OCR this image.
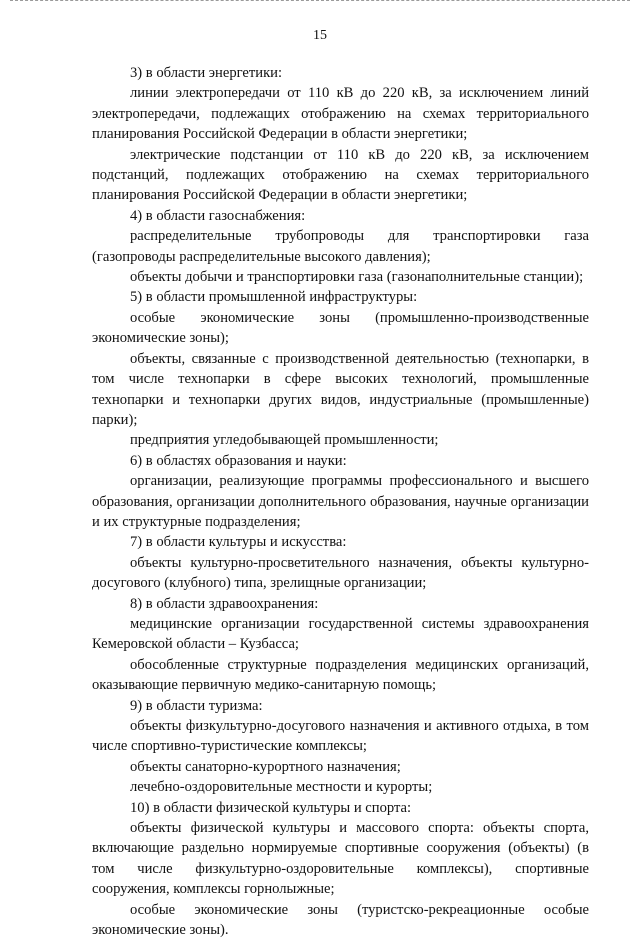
15

3) в области энергетики:

линии электропередачи от 110 кВ до 220 кВ, за исключением линий электропередачи, подлежащих отображению на схемах территориального планирования Российской Федерации в области энергетики;

электрические подстанции от 110 кВ до 220 кВ, за исключением подстанций, подлежащих отображению на схемах территориального планирования Российской Федерации в области энергетики;

4) в области газоснабжения:

распределительные трубопроводы для транспортировки газа (газопроводы распределительные высокого давления);

объекты добычи и транспортировки газа (газонаполнительные станции);

5) в области промышленной инфраструктуры:

особые экономические зоны (промышленно-производственные экономические зоны);

объекты, связанные с производственной деятельностью (технопарки, в том числе технопарки в сфере высоких технологий, промышленные технопарки и технопарки других видов, индустриальные (промышленные) парки);

предприятия угледобывающей промышленности;

6) в областях образования и науки:

организации, реализующие программы профессионального и высшего образования, организации дополнительного образования, научные организации и их структурные подразделения;

7) в области культуры и искусства:

объекты культурно-просветительного назначения, объекты культурно-досугового (клубного) типа, зрелищные организации;

8) в области здравоохранения:

медицинские организации государственной системы здравоохранения Кемеровской области – Кузбасса;

обособленные структурные подразделения медицинских организаций, оказывающие первичную медико-санитарную помощь;

9) в области туризма:

объекты физкультурно-досугового назначения и активного отдыха, в том числе спортивно-туристические комплексы;

объекты санаторно-курортного назначения;

лечебно-оздоровительные местности и курорты;

10) в области физической культуры и спорта:

объекты физической культуры и массового спорта: объекты спорта, включающие раздельно нормируемые спортивные сооружения (объекты) (в том числе физкультурно-оздоровительные комплексы), спортивные сооружения, комплексы горнолыжные;

особые экономические зоны (туристско-рекреационные особые экономические зоны).
